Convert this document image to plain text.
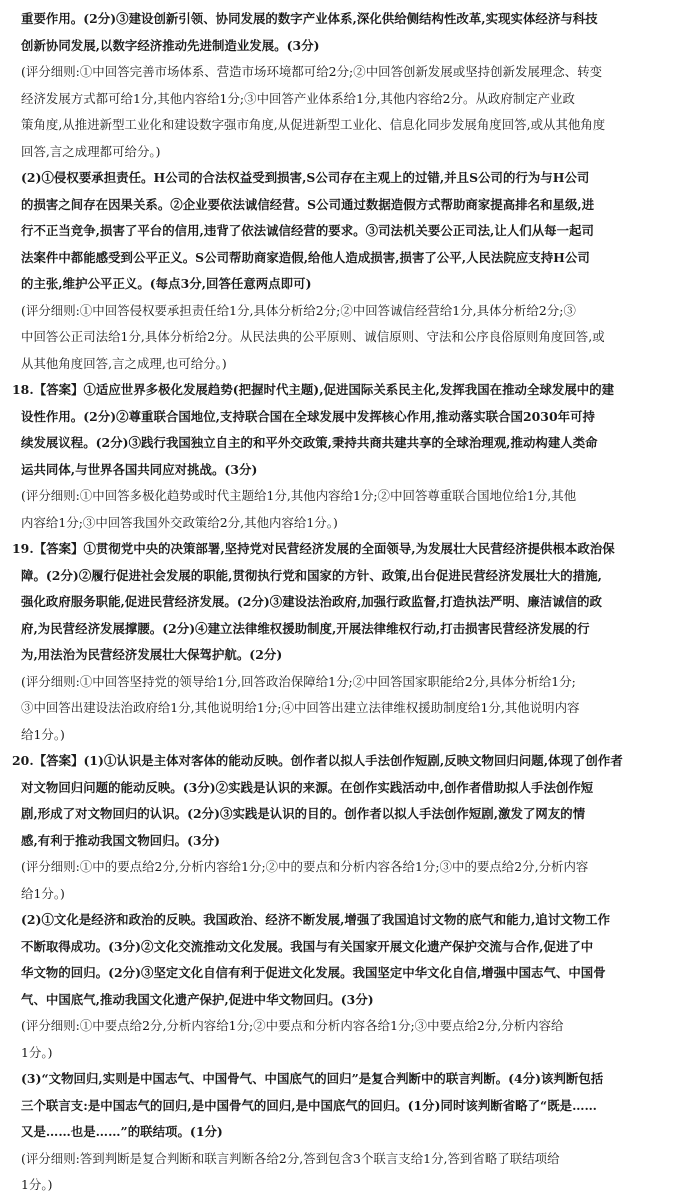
重要作用。(2分)③建设创新引领、协同发展的数字产业体系,深化供给侧结构性改革,实现实体经济与科技
创新协同发展,以数字经济推动先进制造业发展。(3分)
(评分细则:①中回答完善市场体系、营造市场环境都可给2分;②中回答创新发展或坚持创新发展理念、转变
经济发展方式都可给1分,其他内容给1分;③中回答产业体系给1分,其他内容给2分。从政府制定产业政
策角度,从推进新型工业化和建设数字强市角度,从促进新型工业化、信息化同步发展角度回答,或从其他角度
回答,言之成理都可给分。)
(2)①侵权要承担责任。H公司的合法权益受到损害,S公司存在主观上的过错,并且S公司的行为与H公司
的损害之间存在因果关系。②企业要依法诚信经营。S公司通过数据造假方式帮助商家提高排名和星级,进
行不正当竞争,损害了平台的信用,违背了依法诚信经营的要求。③司法机关要公正司法,让人们从每一起司
法案件中都能感受到公平正义。S公司帮助商家造假,给他人造成损害,损害了公平,人民法院应支持H公司
的主张,维护公平正义。(每点3分,回答任意两点即可)
(评分细则:①中回答侵权要承担责任给1分,具体分析给2分;②中回答诚信经营给1分,具体分析给2分;③
中回答公正司法给1分,具体分析给2分。从民法典的公平原则、诚信原则、守法和公序良俗原则角度回答,或
从其他角度回答,言之成理,也可给分。)
18.【答案】①适应世界多极化发展趋势(把握时代主题),促进国际关系民主化,发挥我国在推动全球发展中的建
设性作用。(2分)②尊重联合国地位,支持联合国在全球发展中发挥核心作用,推动落实联合国2030年可持
续发展议程。(2分)③践行我国独立自主的和平外交政策,秉持共商共建共享的全球治理观,推动构建人类命
运共同体,与世界各国共同应对挑战。(3分)
(评分细则:①中回答多极化趋势或时代主题给1分,其他内容给1分;②中回答尊重联合国地位给1分,其他
内容给1分;③中回答我国外交政策给2分,其他内容给1分。)
19.【答案】①贯彻党中央的决策部署,坚持党对民营经济发展的全面领导,为发展壮大民营经济提供根本政治保
障。(2分)②履行促进社会发展的职能,贯彻执行党和国家的方针、政策,出台促进民营经济发展壮大的措施,
强化政府服务职能,促进民营经济发展。(2分)③建设法治政府,加强行政监督,打造执法严明、廉洁诚信的政
府,为民营经济发展撑腰。(2分)④建立法律维权援助制度,开展法律维权行动,打击损害民营经济发展的行
为,用法治为民营经济发展壮大保驾护航。(2分)
(评分细则:①中回答坚持党的领导给1分,回答政治保障给1分;②中回答国家职能给2分,具体分析给1分;
③中回答出建设法治政府给1分,其他说明给1分;④中回答出建立法律维权援助制度给1分,其他说明内容
给1分。)
20.【答案】(1)①认识是主体对客体的能动反映。创作者以拟人手法创作短剧,反映文物回归问题,体现了创作者
对文物回归问题的能动反映。(3分)②实践是认识的来源。在创作实践活动中,创作者借助拟人手法创作短
剧,形成了对文物回归的认识。(2分)③实践是认识的目的。创作者以拟人手法创作短剧,激发了网友的情
感,有利于推动我国文物回归。(3分)
(评分细则:①中的要点给2分,分析内容给1分;②中的要点和分析内容各给1分;③中的要点给2分,分析内容
给1分。)
(2)①文化是经济和政治的反映。我国政治、经济不断发展,增强了我国追讨文物的底气和能力,追讨文物工作
不断取得成功。(3分)②文化交流推动文化发展。我国与有关国家开展文化遗产保护交流与合作,促进了中
华文物的回归。(2分)③坚定文化自信有利于促进文化发展。我国坚定中华文化自信,增强中国志气、中国骨
气、中国底气,推动我国文化遗产保护,促进中华文物回归。(3分)
(评分细则:①中要点给2分,分析内容给1分;②中要点和分析内容各给1分;③中要点给2分,分析内容给
1分。)
(3)“文物回归,实则是中国志气、中国骨气、中国底气的回归”是复合判断中的联言判断。(4分)该判断包括
三个联言支:是中国志气的回归,是中国骨气的回归,是中国底气的回归。(1分)同时该判断省略了“既是……
又是……也是……”的联结项。(1分)
(评分细则:答到判断是复合判断和联言判断各给2分,答到包含3个联言支给1分,答到省略了联结项给
1分。)
